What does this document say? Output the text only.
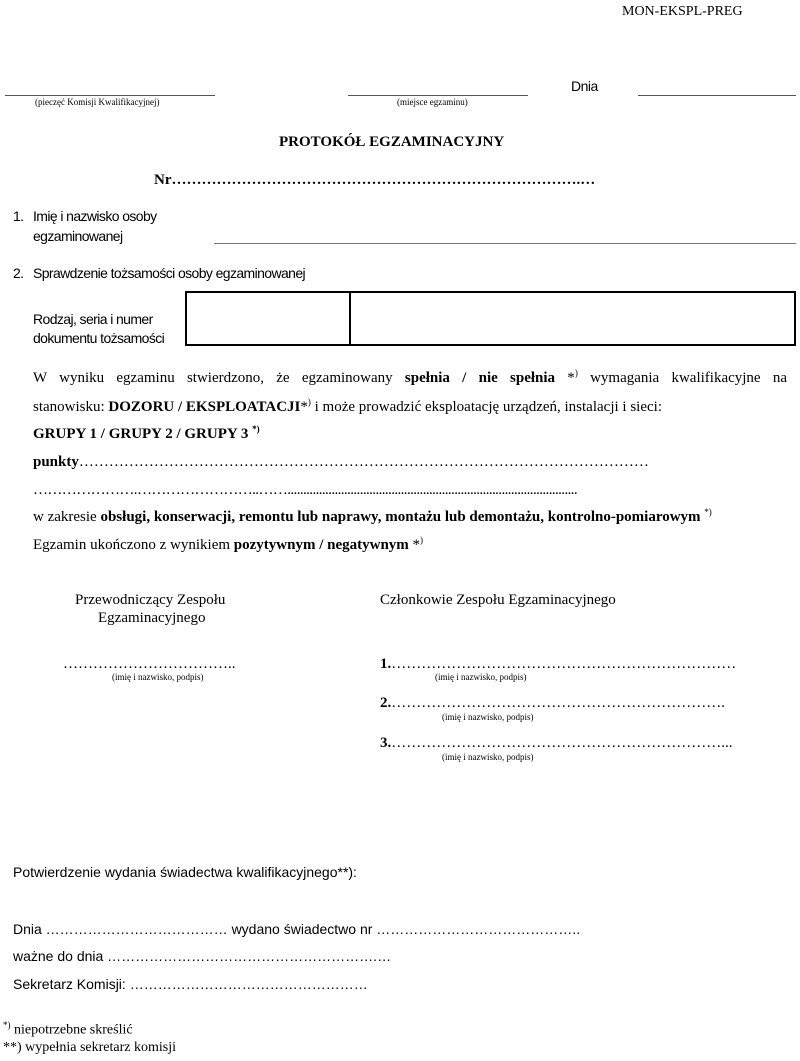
MON-EKSPL-PREG
(pieczęć Komisji Kwalifikacyjnej)	(miejsce egzaminu)
Dnia
PROTOKÓŁ EGZAMINACYJNY
Nr……………………………………………………………………….…
1. Imię i nazwisko osoby
egzaminowanej
2. Sprawdzenie tożsamości osoby egzaminowanej
Rodzaj, seria i numer
dokumentu tożsamości
W wyniku egzaminu stwierdzono, że egzaminowany spełnia / nie spełnia *) wymagania kwalifikacyjne na
stanowisku: DOZORU / EKSPLOATACJI*) i może prowadzić eksploatację urządzeń, instalacji i sieci:
GRUPY 1 / GRUPY 2 / GRUPY 3 *)
punkty……………………………………………………………………………………………………
………………….……………………..……............................................................................................
w zakresie obsługi, konserwacji, remontu lub naprawy, montażu lub demontażu, kontrolno-pomiarowym *)
Egzamin ukończono z wynikiem pozytywnym / negatywnym *)
Przewodniczący Zespołu
Egzaminacyjnego
Członkowie Zespołu Egzaminacyjnego
……………………………..
(imię i nazwisko, podpis)
1.……………………………………………………………
(imię i nazwisko, podpis)
2.………………………………………………………….
(imię i nazwisko, podpis)
3.…………………………………………………………...
(imię i nazwisko, podpis)
Potwierdzenie wydania świadectwa kwalifikacyjnego**):
Dnia ………………………………… wydano świadectwo nr ……………………………………..
ważne do dnia ………………………………………………….…
Sekretarz Komisji: ……………………………………………
*) niepotrzebne skreślić
**) wypełnia sekretarz komisji
